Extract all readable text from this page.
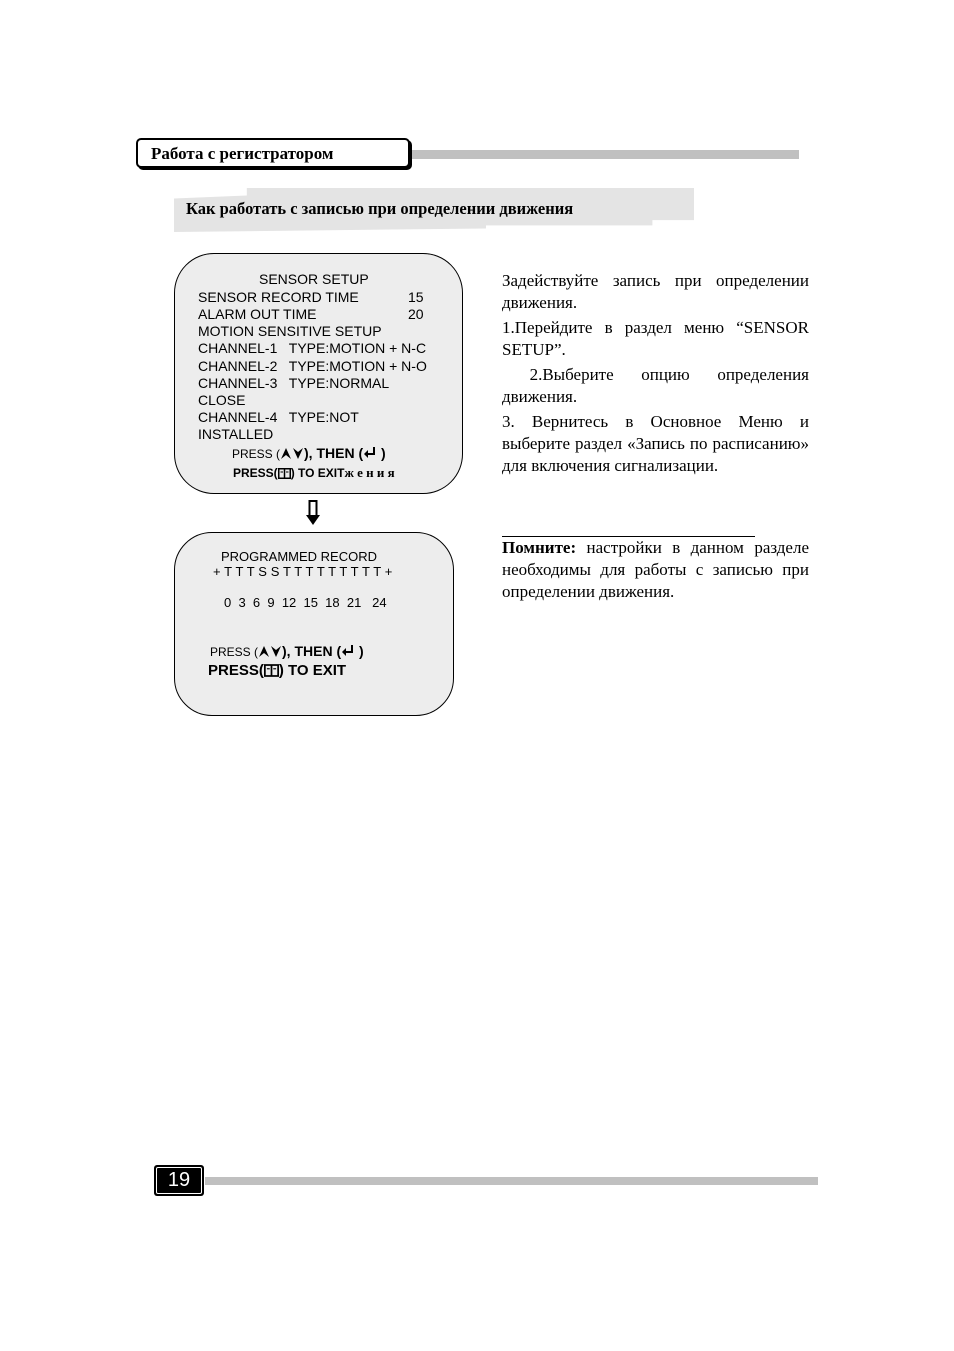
Работа с регистратором
Как работать с записью при определении движения
SENSOR SETUP
SENSOR RECORD TIME	15
ALARM OUT TIME	20
MOTION SENSITIVE SETUP
CHANNEL-1   TYPE:MOTION + N-C
CHANNEL-2   TYPE:MOTION + N-O
CHANNEL-3   TYPE:NORMAL
CLOSE
CHANNEL-4   TYPE:NOT
INSTALLED
PRESS ( ), THEN ( )
PRESS( ) TO EXITж е н и я
PROGRAMMED RECORD
+ T T T S S T T T T T T T T T +
0  3  6  9  12  15  18  21   24
PRESS ( ), THEN ( )
PRESS( ) TO EXIT

Задействуйте запись при определении движения.

1.Перейдите в раздел меню “SENSOR SETUP”.

2.Выберите опцию определения движения.

3. Вернитесь в Основное Меню и выберите раздел «Запись по расписанию» для включения сигнализации.

Помните: настройки в данном разделе необходимы для работы с записью при определении движения.

19
